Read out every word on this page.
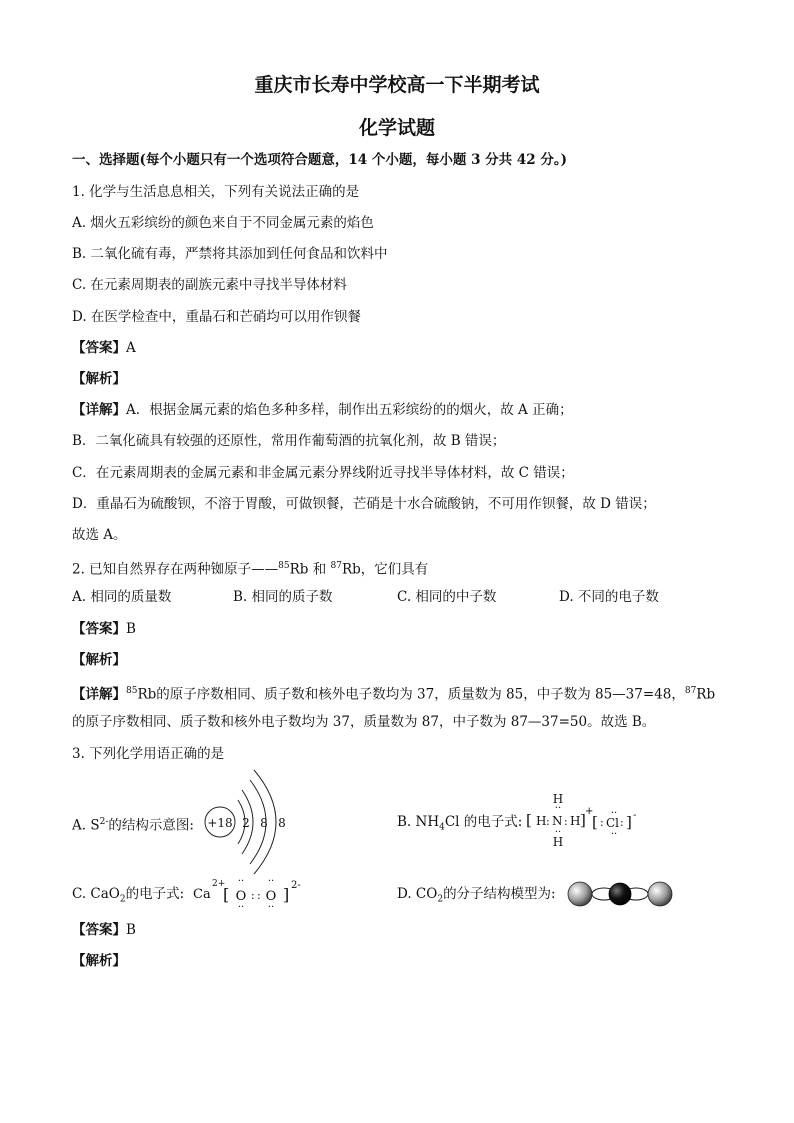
重庆市长寿中学校高一下半期考试
化学试题
一、选择题(每个小题只有一个选项符合题意，14 个小题，每小题 3 分共 42 分。)
1. 化学与生活息息相关，下列有关说法正确的是
A. 烟火五彩缤纷的颜色来自于不同金属元素的焰色
B. 二氧化硫有毒，严禁将其添加到任何食品和饮料中
C. 在元素周期表的副族元素中寻找半导体材料
D. 在医学检查中，重晶石和芒硝均可以用作钡餐
【答案】A
【解析】
【详解】A．根据金属元素的焰色多种多样，制作出五彩缤纷的的烟火，故 A 正确；
B．二氧化硫具有较强的还原性，常用作葡萄酒的抗氧化剂，故 B 错误；
C．在元素周期表的金属元素和非金属元素分界线附近寻找半导体材料，故 C 错误；
D．重晶石为硫酸钡，不溶于胃酸，可做钡餐，芒硝是十水合硫酸钠，不可用作钡餐，故 D 错误；
故选 A。
2. 已知自然界存在两种铷原子——$^{85}$Rb 和 $^{87}$Rb，它们具有
A. 相同的质量数	B. 相同的质子数	C. 相同的中子数	D. 不同的电子数
【答案】B
【解析】
【详解】$^{85}$Rb的原子序数相同、质子数和核外电子数均为 37，质量数为 85，中子数为 85—37=48，$^{87}$Rb
的原子序数相同、质子数和核外电子数均为 37，质量数为 87，中子数为 87—37=50。故选 B。
3. 下列化学用语正确的是
A. $S^{2-}$的结构示意图: +18 2 8 8	B. $NH_4Cl$ 的电子式:
H
··
[ H : N : H ] +
··
H
[ : Cl
··
··
: ] -
C. CaO$_2$的电子式: Ca
2+
[
··
O
··
: :
··
O
··
] 2-
D. $CO_2$的分子结构模型为:
【答案】B
【解析】
